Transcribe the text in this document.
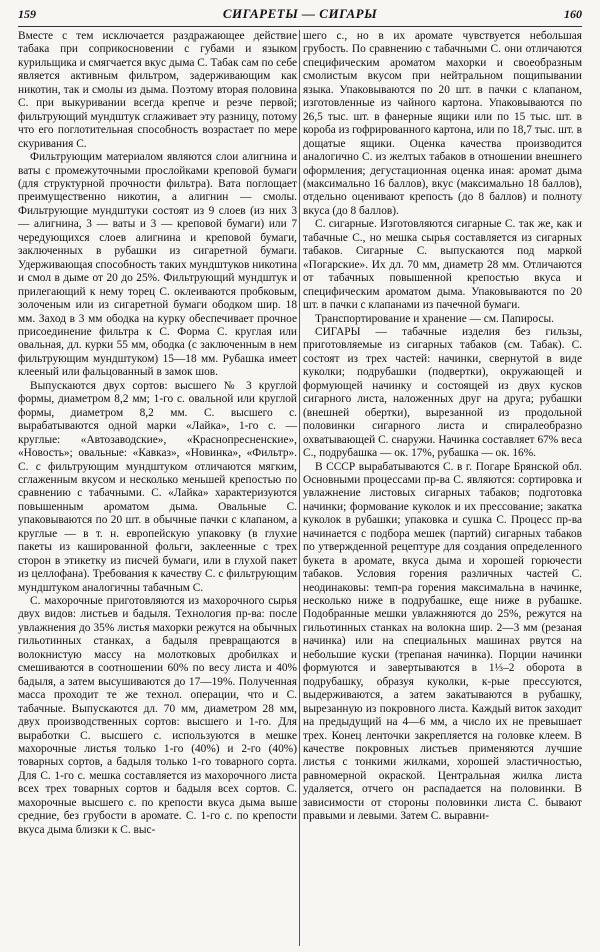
159	СИГАРЕТЫ — СИГАРЫ	160

Вместе с тем исключается раздражающее действие табака при соприкосновении с губами и языком курильщика и смягчается вкус дыма С. Табак сам по себе является активным фильтром, задерживающим как никотин, так и смолы из дыма. Поэтому вторая половина С. при выкуривании всегда крепче и резче первой; фильтрующий мундштук сглаживает эту разницу, потому что его поглотительная способность возрастает по мере скуривания С.

Фильтрующим материалом являются слои алигнина и ваты с промежуточными прослойками креповой бумаги (для структурной прочности фильтра). Вата поглощает преимущественно никотин, а алигнин — смолы. Фильтрующие мундштуки состоят из 9 слоев (из них 3 — алигнина, 3 — ваты и 3 — креповой бумаги) или 7 чередующихся слоев алигнина и креповой бумаги, заключенных в рубашки из сигаретной бумаги. Удерживающая способность таких мундштуков никотина и смол в дыме от 20 до 25%. Фильтрующий мундштук и прилегающий к нему торец С. оклеиваются пробковым, золоченым или из сигаретной бумаги ободком шир. 18 мм. Заход в 3 мм ободка на курку обеспечивает прочное присоединение фильтра к С. Форма С. круглая или овальная, дл. курки 55 мм, ободка (с заключенным в нем фильтрующим мундштуком) 15—18 мм. Рубашка имеет клееный или фальцованный в замок шов.

Выпускаются двух сортов: высшего № 3 круглой формы, диаметром 8,2 мм; 1-го с. овальной или круглой формы, диаметром 8,2 мм. С. высшего с. вырабатываются одной марки «Лайка», 1-го с. — круглые: «Автозаводские», «Краснопресненские», «Новость»; овальные: «Кавказ», «Новинка», «Фильтр». С. с фильтрующим мундштуком отличаются мягким, сглаженным вкусом и несколько меньшей крепостью по сравнению с табачными. С. «Лайка» характеризуются повышенным ароматом дыма. Овальные С. упаковываются по 20 шт. в обычные пачки с клапаном, а круглые — в т. н. европейскую упаковку (в глухие пакеты из кашированной фольги, заклеенные с трех сторон в этикетку из писчей бумаги, или в глухой пакет из целлофана). Требования к качеству С. с фильтрующим мундштуком аналогичны табачным С.

С. махорочные приготовляются из махорочного сырья двух видов: листьев и бадыля. Технология пр-ва: после увлажнения до 35% листья махорки режутся на обычных гильотинных станках, а бадыля превращаются в волокнистую массу на молотковых дробилках и смешиваются в соотношении 60% по весу листа и 40% бадыля, а затем высушиваются до 17—19%. Полученная масса проходит те же технол. операции, что и С. табачные. Выпускаются дл. 70 мм, диаметром 28 мм, двух производственных сортов: высшего и 1-го. Для выработки С. высшего с. используются в мешке махорочные листья только 1-го (40%) и 2-го (40%) товарных сортов, а бадыля только 1-го товарного сорта. Для С. 1-го с. мешка составляется из махорочного листа всех трех товарных сортов и бадыля всех сортов. С. махорочные высшего с. по крепости вкуса дыма выше средние, без грубости в аромате. С. 1-го с. по крепости вкуса дыма близки к С. выс-

шего с., но в их аромате чувствуется небольшая грубость. По сравнению с табачными С. они отличаются специфическим ароматом махорки и своеобразным смолистым вкусом при нейтральном пощипывании языка. Упаковываются по 20 шт. в пачки с клапаном, изготовленные из чайного картона. Упаковываются по 26,5 тыс. шт. в фанерные ящики или по 15 тыс. шт. в короба из гофрированного картона, или по 18,7 тыс. шт. в дощатые ящики. Оценка качества производится аналогично С. из желтых табаков в отношении внешнего оформления; дегустационная оценка иная: аромат дыма (максимально 16 баллов), вкус (максимально 18 баллов), отдельно оценивают крепость (до 8 баллов) и полноту вкуса (до 8 баллов).

С. сигарные. Изготовляются сигарные С. так же, как и табачные С., но мешка сырья составляется из сигарных табаков. Сигарные С. выпускаются под маркой «Погарские». Их дл. 70 мм, диаметр 28 мм. Отличаются от табачных повышенной крепостью вкуса и специфическим ароматом дыма. Упаковываются по 20 шт. в пачки с клапанами из пачечной бумаги.

Транспортирование и хранение — см. Папиросы.

СИГАРЫ — табачные изделия без гильзы, приготовляемые из сигарных табаков (см. Табак). С. состоят из трех частей: начинки, свернутой в виде куколки; подрубашки (подвертки), окружающей и формующей начинку и состоящей из двух кусков сигарного листа, наложенных друг на друга; рубашки (внешней обертки), вырезанной из продольной половинки сигарного листа и спиралеобразно охватывающей С. снаружи. Начинка составляет 67% веса С., подрубашка — ок. 17%, рубашка — ок. 16%.

В СССР вырабатываются С. в г. Погаре Брянской обл. Основными процессами пр-ва С. являются: сортировка и увлажнение листовых сигарных табаков; подготовка начинки; формование куколок и их прессование; закатка куколок в рубашки; упаковка и сушка С. Процесс пр-ва начинается с подбора мешек (партий) сигарных табаков по утвержденной рецептуре для создания определенного букета в аромате, вкуса дыма и хорошей горючести табаков. Условия горения различных частей С. неодинаковы: темп-ра горения максимальна в начинке, несколько ниже в подрубашке, еще ниже в рубашке. Подобранные мешки увлажняются до 25%, режутся на гильотинных станках на волокна шир. 2—3 мм (резаная начинка) или на специальных машинах рвутся на небольшие куски (трепаная начинка). Порции начинки формуются и завертываются в 1⅓–2 оборота в подрубашку, образуя куколки, к-рые прессуются, выдерживаются, а затем закатываются в рубашку, вырезанную из покровного листа. Каждый виток заходит на предыдущий на 4—6 мм, а число их не превышает трех. Конец ленточки закрепляется на головке клеем. В качестве покровных листьев применяются лучшие листья с тонкими жилками, хорошей эластичностью, равномерной окраской. Центральная жилка листа удаляется, отчего он распадается на половинки. В зависимости от стороны половинки листа С. бывают правыми и левыми. Затем С. выравни-
